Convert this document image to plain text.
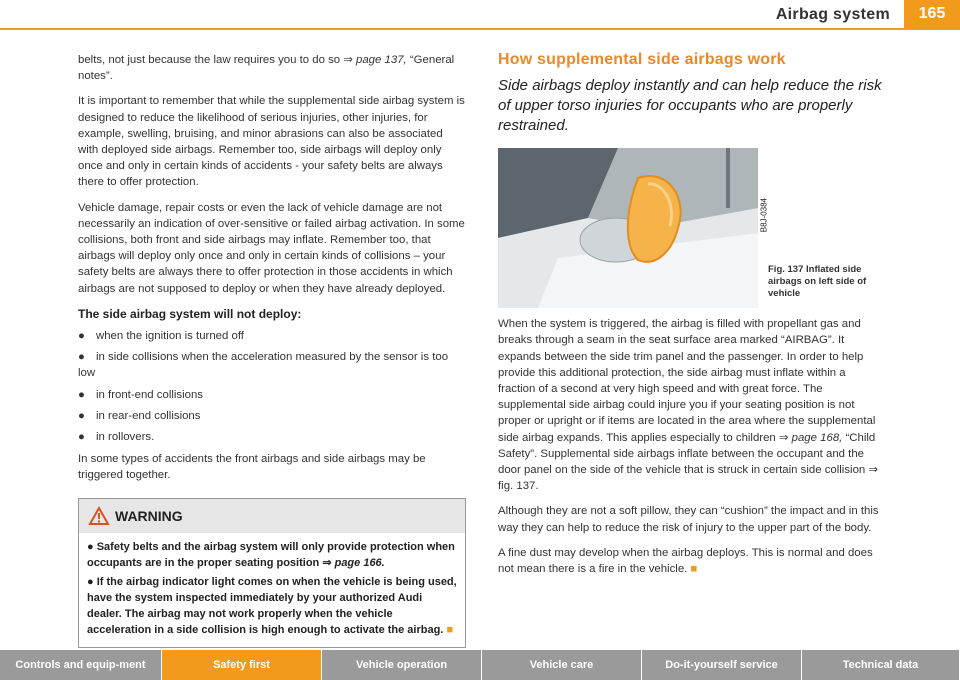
Airbag system	165

belts, not just because the law requires you to do so ⇒ page 137, “General notes”.

It is important to remember that while the supplemental side airbag system is designed to reduce the likelihood of serious injuries, other injuries, for example, swelling, bruising, and minor abrasions can also be associated with deployed side airbags. Remember too, side airbags will deploy only once and only in certain kinds of accidents - your safety belts are always there to offer protection.

Vehicle damage, repair costs or even the lack of vehicle damage are not necessarily an indication of over-sensitive or failed airbag activation. In some collisions, both front and side airbags may inflate. Remember too, that airbags will deploy only once and only in certain kinds of collisions – your safety belts are always there to offer protection in those accidents in which airbags are not supposed to deploy or when they have already deployed.

The side airbag system will not deploy:
● when the ignition is turned off
● in side collisions when the acceleration measured by the sensor is too low
● in front-end collisions
● in rear-end collisions
● in rollovers.

In some types of accidents the front airbags and side airbags may be triggered together.

WARNING

● Safety belts and the airbag system will only provide protection when occupants are in the proper seating position ⇒ page 166.

● If the airbag indicator light comes on when the vehicle is being used, have the system inspected immediately by your authorized Audi dealer. The airbag may not work properly when the vehicle acceleration in a side collision is high enough to activate the airbag. ■

How supplemental side airbags work
Side airbags deploy instantly and can help reduce the risk of upper torso injuries for occupants who are properly restrained.
B8J-0384
Fig. 137 Inflated side airbags on left side of vehicle

When the system is triggered, the airbag is filled with propellant gas and breaks through a seam in the seat surface area marked “AIRBAG”. It expands between the side trim panel and the passenger. In order to help provide this additional protection, the side airbag must inflate within a fraction of a second at very high speed and with great force. The supplemental side airbag could injure you if your seating position is not proper or upright or if items are located in the area where the supplemental side airbag expands. This applies especially to children ⇒ page 168, “Child Safety”. Supplemental side airbags inflate between the occupant and the door panel on the side of the vehicle that is struck in certain side collision ⇒ fig. 137.

Although they are not a soft pillow, they can “cushion” the impact and in this way they can help to reduce the risk of injury to the upper part of the body.

A fine dust may develop when the airbag deploys. This is normal and does not mean there is a fire in the vehicle. ■

Controls and equip-ment	Safety first	Vehicle operation	Vehicle care	Do-it-yourself service	Technical data
